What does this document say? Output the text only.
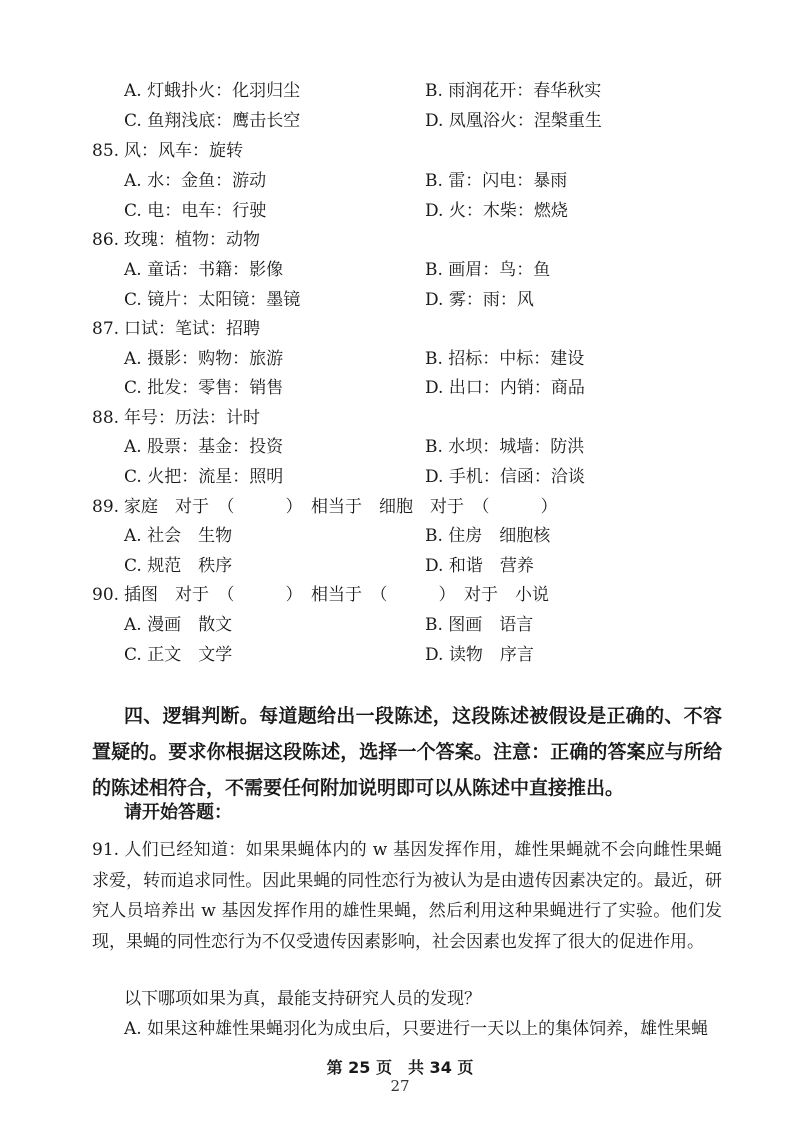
A. 灯蛾扑火：化羽归尘	B. 雨润花开：春华秋实
C. 鱼翔浅底：鹰击长空	D. 凤凰浴火：涅槃重生
85. 风：风车：旋转
A. 水：金鱼：游动	B. 雷：闪电：暴雨
C. 电：电车：行驶	D. 火：木柴：燃烧
86. 玫瑰：植物：动物
A. 童话：书籍：影像	B. 画眉：鸟：鱼
C. 镜片：太阳镜：墨镜	D. 雾：雨：风
87. 口试：笔试：招聘
A. 摄影：购物：旅游	B. 招标：中标：建设
C. 批发：零售：销售	D. 出口：内销：商品
88. 年号：历法：计时
A. 股票：基金：投资	B. 水坝：城墙：防洪
C. 火把：流星：照明	D. 手机：信函：洽谈
89. 家庭　对于　（　　　）　相当于　细胞　对于　（　　　）
A. 社会　生物	B. 住房　细胞核
C. 规范　秩序	D. 和谐　营养
90. 插图　对于　（　　　）　相当于　（　　　）　对于　小说
A. 漫画　散文	B. 图画　语言
C. 正文　文学	D. 读物　序言
四、逻辑判断。每道题给出一段陈述，这段陈述被假设是正确的、不容置疑的。要求你根据这段陈述，选择一个答案。注意：正确的答案应与所给的陈述相符合，不需要任何附加说明即可以从陈述中直接推出。
请开始答题：
91. 人们已经知道：如果果蝇体内的 w 基因发挥作用，雄性果蝇就不会向雌性果蝇求爱，转而追求同性。因此果蝇的同性恋行为被认为是由遗传因素决定的。最近，研究人员培养出 w 基因发挥作用的雄性果蝇，然后利用这种果蝇进行了实验。他们发现，果蝇的同性恋行为不仅受遗传因素影响，社会因素也发挥了很大的促进作用。
以下哪项如果为真，最能支持研究人员的发现？
A. 如果这种雄性果蝇羽化为成虫后，只要进行一天以上的集体饲养，雄性果蝇
第 25 页　共 34 页
27
